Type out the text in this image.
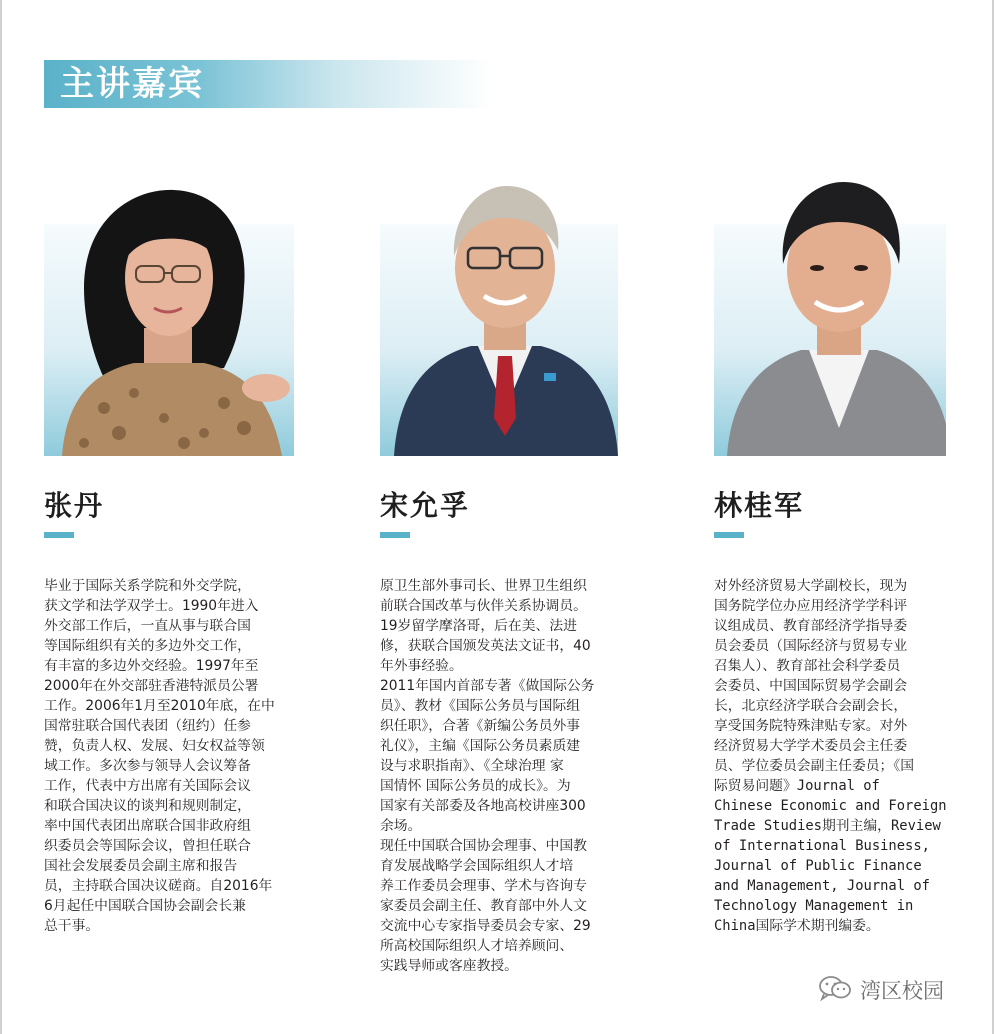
主讲嘉宾
张丹
毕业于国际关系学院和外交学院，
获文学和法学双学士。1990年进入
外交部工作后，一直从事与联合国
等国际组织有关的多边外交工作，
有丰富的多边外交经验。1997年至
2000年在外交部驻香港特派员公署
工作。2006年1月至2010年底，在中
国常驻联合国代表团（纽约）任参
赞，负责人权、发展、妇女权益等领
域工作。多次参与领导人会议筹备
工作，代表中方出席有关国际会议
和联合国决议的谈判和规则制定，
率中国代表团出席联合国非政府组
织委员会等国际会议，曾担任联合
国社会发展委员会副主席和报告
员，主持联合国决议磋商。自2016年
6月起任中国联合国协会副会长兼
总干事。
宋允孚
原卫生部外事司长、世界卫生组织
前联合国改革与伙伴关系协调员。
19岁留学摩洛哥，后在美、法进
修，获联合国颁发英法文证书，40
年外事经验。
2011年国内首部专著《做国际公务
员》、教材《国际公务员与国际组
织任职》，合著《新编公务员外事
礼仪》，主编《国际公务员素质建
设与求职指南》、《全球治理 家
国情怀 国际公务员的成长》。为
国家有关部委及各地高校讲座300
余场。
现任中国联合国协会理事、中国教
育发展战略学会国际组织人才培
养工作委员会理事、学术与咨询专
家委员会副主任、教育部中外人文
交流中心专家指导委员会专家、29
所高校国际组织人才培养顾问、
实践导师或客座教授。
林桂军
对外经济贸易大学副校长，现为
国务院学位办应用经济学学科评
议组成员、教育部经济学指导委
员会委员（国际经济与贸易专业
召集人）、教育部社会科学委员
会委员、中国国际贸易学会副会
长，北京经济学联合会副会长，
享受国务院特殊津贴专家。对外
经济贸易大学学术委员会主任委
员、学位委员会副主任委员；《国
际贸易问题》Journal of
Chinese Economic and Foreign
Trade Studies期刊主编，Review
of International Business,
Journal of Public Finance
and Management, Journal of
Technology Management in
China国际学术期刊编委。
湾区校园
